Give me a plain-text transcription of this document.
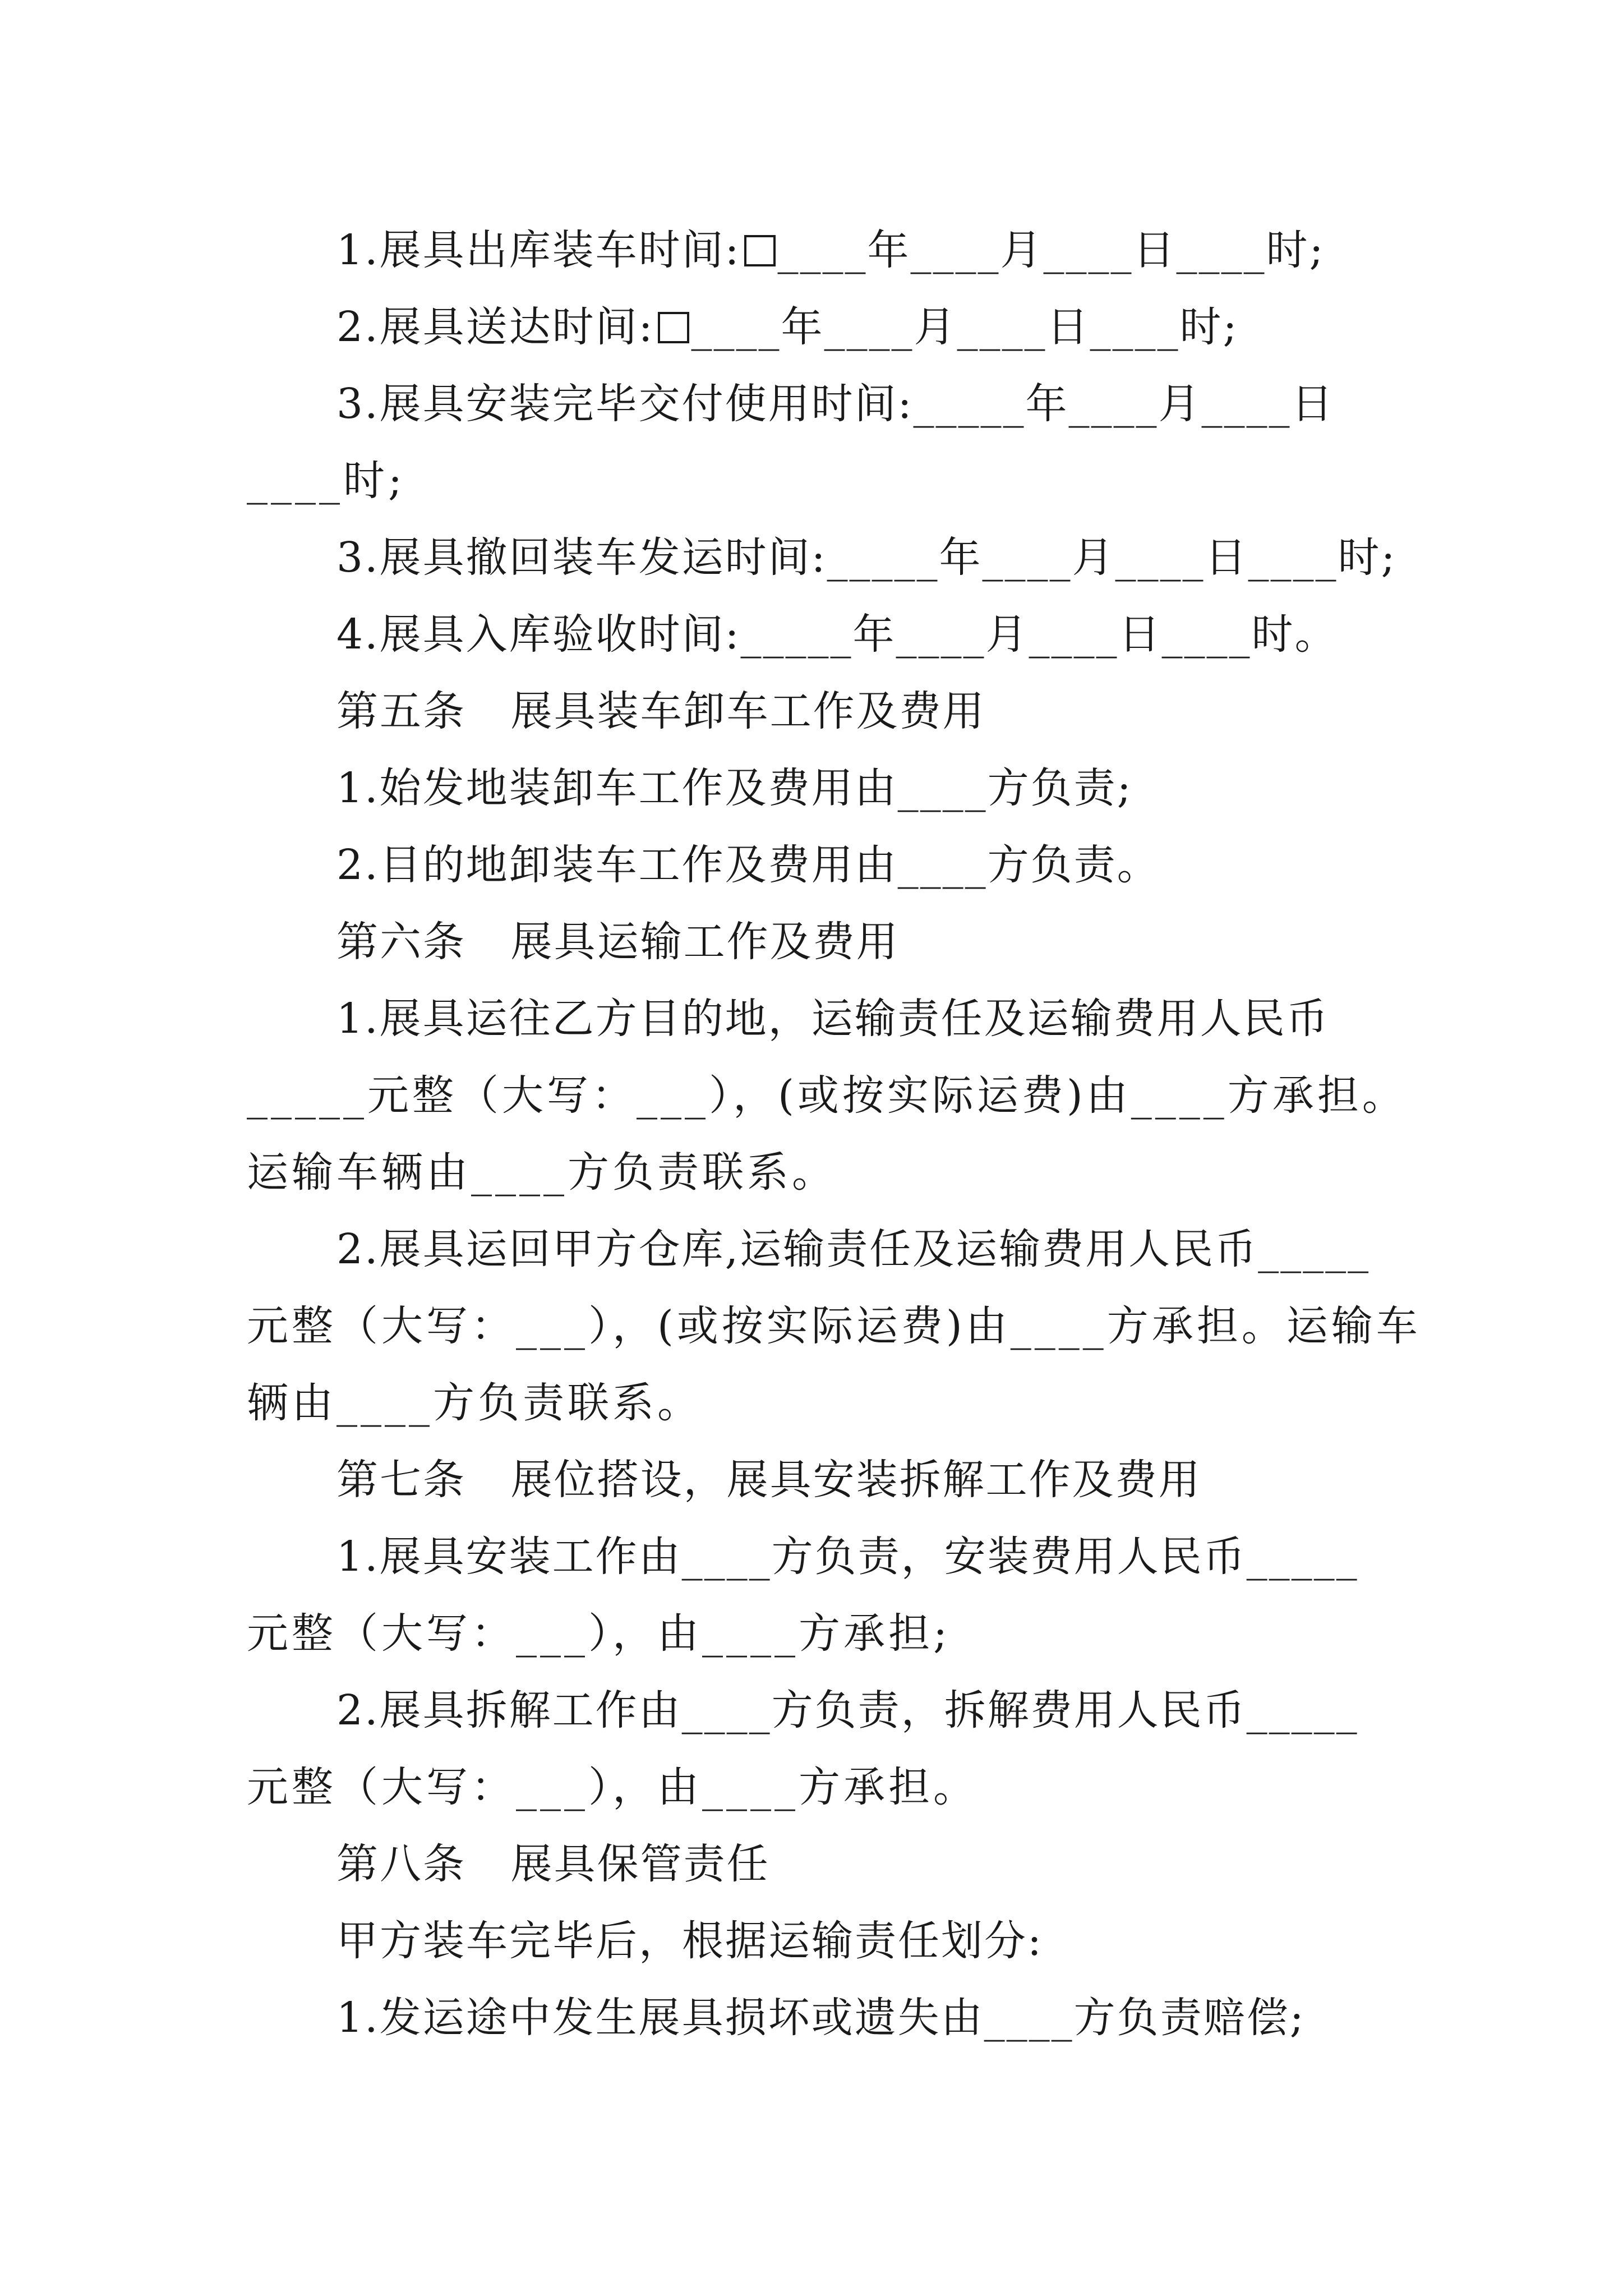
1.展具出库装车时间: ____年____月____日____时;
2.展具送达时间: ____年____月____日____时;
3.展具安装完毕交付使用时间:_____年____月____日
____时;
3.展具撤回装车发运时间:_____年____月____日____时;
4.展具入库验收时间:_____年____月____日____时。
第五条   展具装车卸车工作及费用
1.始发地装卸车工作及费用由____方负责;
2.目的地卸装车工作及费用由____方负责。
第六条   展具运输工作及费用
1.展具运往乙方目的地，运输责任及运输费用人民币
_____元整（大写：___），(或按实际运费)由____方承担。
运输车辆由____方负责联系。
2.展具运回甲方仓库,运输责任及运输费用人民币_____
元整（大写：___），(或按实际运费)由____方承担。运输车
辆由____方负责联系。
第七条   展位搭设，展具安装拆解工作及费用
1.展具安装工作由____方负责，安装费用人民币_____
元整（大写：___），由____方承担;
2.展具拆解工作由____方负责，拆解费用人民币_____
元整（大写：___），由____方承担。
第八条   展具保管责任
甲方装车完毕后，根据运输责任划分:
1.发运途中发生展具损坏或遗失由____方负责赔偿;
